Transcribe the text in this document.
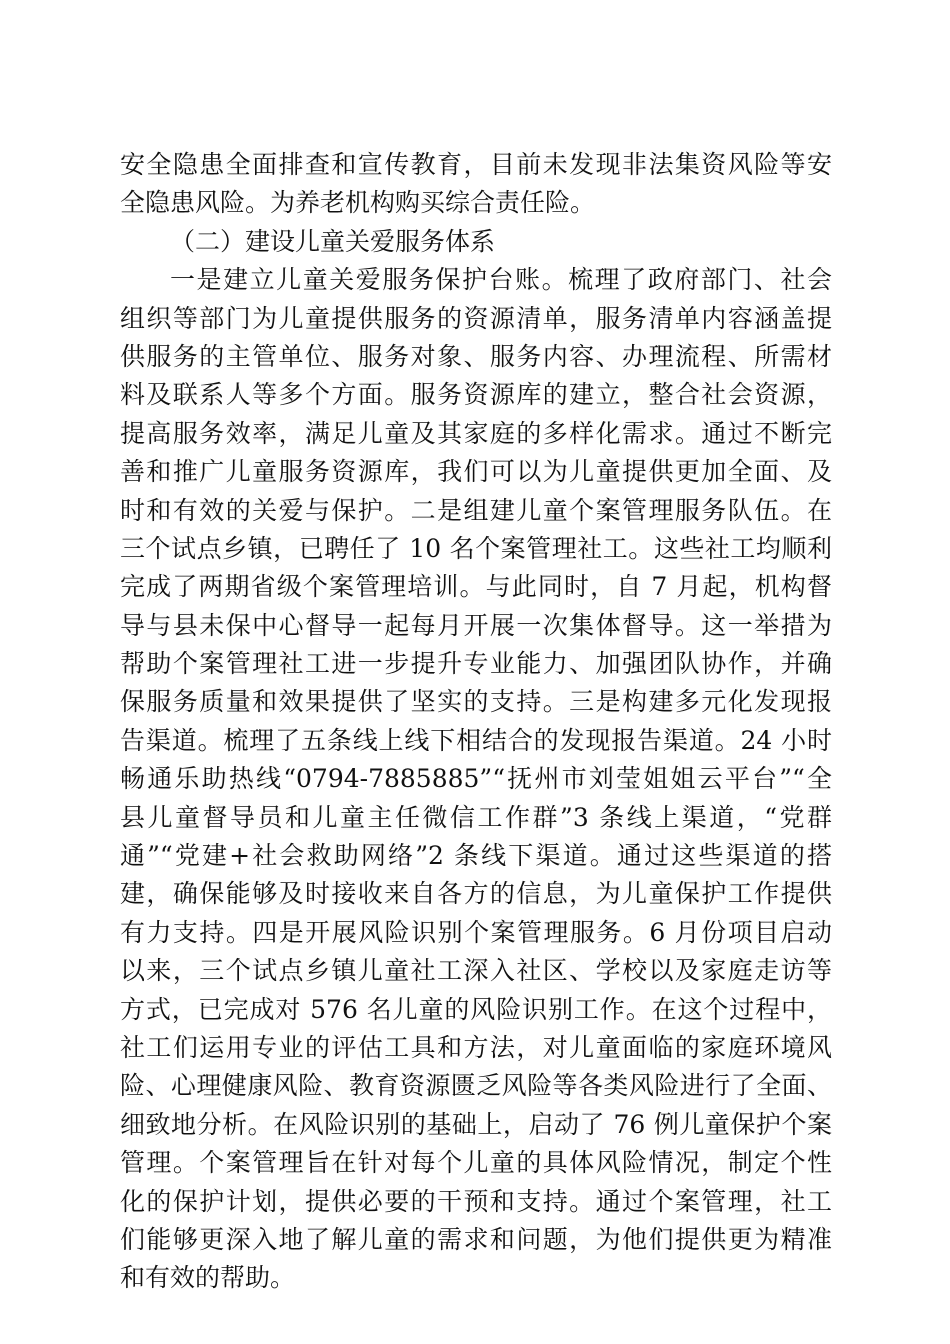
安全隐患全面排查和宣传教育，目前未发现非法集资风险等安
全隐患风险。为养老机构购买综合责任险。
（二）建设儿童关爱服务体系
一是建立儿童关爱服务保护台账。梳理了政府部门、社会
组织等部门为儿童提供服务的资源清单，服务清单内容涵盖提
供服务的主管单位、服务对象、服务内容、办理流程、所需材
料及联系人等多个方面。服务资源库的建立，整合社会资源，
提高服务效率，满足儿童及其家庭的多样化需求。通过不断完
善和推广儿童服务资源库，我们可以为儿童提供更加全面、及
时和有效的关爱与保护。二是组建儿童个案管理服务队伍。在
三个试点乡镇，已聘任了 10 名个案管理社工。这些社工均顺利
完成了两期省级个案管理培训。与此同时，自 7 月起，机构督
导与县未保中心督导一起每月开展一次集体督导。这一举措为
帮助个案管理社工进一步提升专业能力、加强团队协作，并确
保服务质量和效果提供了坚实的支持。三是构建多元化发现报
告渠道。梳理了五条线上线下相结合的发现报告渠道。24 小时
畅通乐助热线“0794-7885885”“抚州市刘莹姐姐云平台”“全
县儿童督导员和儿童主任微信工作群”3 条线上渠道，“党群
通”“党建+社会救助网络”2 条线下渠道。通过这些渠道的搭
建，确保能够及时接收来自各方的信息，为儿童保护工作提供
有力支持。四是开展风险识别个案管理服务。6 月份项目启动
以来，三个试点乡镇儿童社工深入社区、学校以及家庭走访等
方式，已完成对 576 名儿童的风险识别工作。在这个过程中，
社工们运用专业的评估工具和方法，对儿童面临的家庭环境风
险、心理健康风险、教育资源匮乏风险等各类风险进行了全面、
细致地分析。在风险识别的基础上，启动了 76 例儿童保护个案
管理。个案管理旨在针对每个儿童的具体风险情况，制定个性
化的保护计划，提供必要的干预和支持。通过个案管理，社工
们能够更深入地了解儿童的需求和问题，为他们提供更为精准
和有效的帮助。
